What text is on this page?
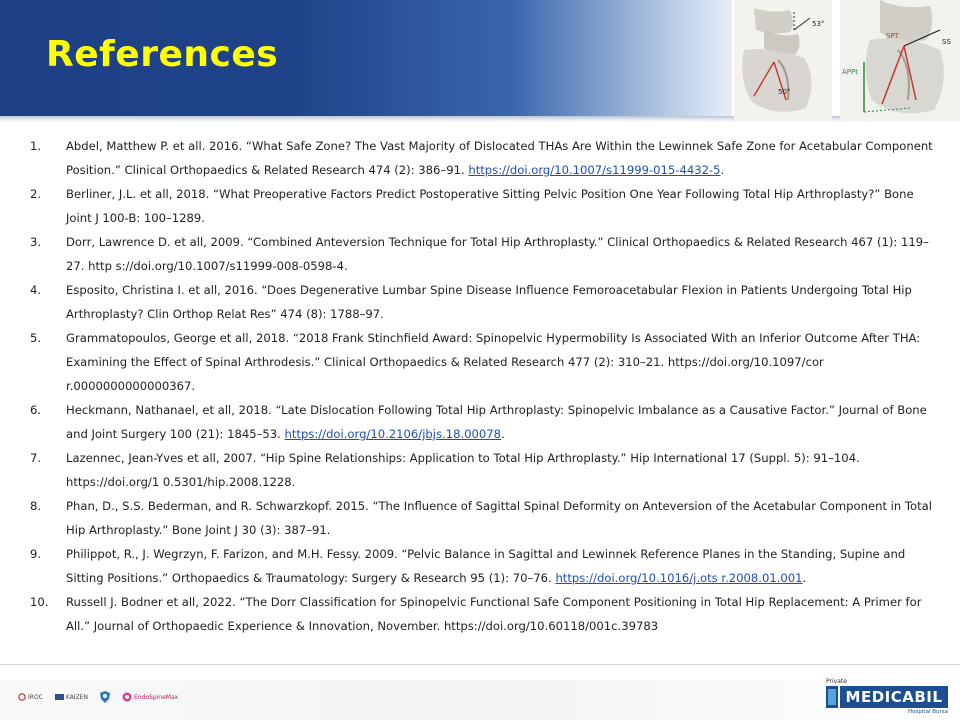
References
53°
50°
SPT
SS
APPt
1. Abdel, Matthew P. et all. 2016. “What Safe Zone? The Vast Majority of Dislocated THAs Are Within the Lewinnek Safe Zone for Acetabular Component Position.” Clinical Orthopaedics & Related Research 474 (2): 386–91. https://doi.org/10.1007/s11999-015-4432-5.
2. Berliner, J.L. et all, 2018. “What Preoperative Factors Predict Postoperative Sitting Pelvic Position One Year Following Total Hip Arthroplasty?” Bone Joint J 100-B: 100–1289.
3. Dorr, Lawrence D. et all, 2009. “Combined Anteversion Technique for Total Hip Arthroplasty.” Clinical Orthopaedics & Related Research 467 (1): 119–27. http s://doi.org/10.1007/s11999-008-0598-4.
4. Esposito, Christina I. et all, 2016. “Does Degenerative Lumbar Spine Disease Influence Femoroacetabular Flexion in Patients Undergoing Total Hip Arthroplasty? Clin Orthop Relat Res” 474 (8): 1788–97.
5. Grammatopoulos, George et all, 2018. “2018 Frank Stinchfield Award: Spinopelvic Hypermobility Is Associated With an Inferior Outcome After THA: Examining the Effect of Spinal Arthrodesis.” Clinical Orthopaedics & Related Research 477 (2): 310–21. https://doi.org/10.1097/cor r.0000000000000367.
6. Heckmann, Nathanael, et all, 2018. “Late Dislocation Following Total Hip Arthroplasty: Spinopelvic Imbalance as a Causative Factor.” Journal of Bone and Joint Surgery 100 (21): 1845–53. https://doi.org/10.2106/jbjs.18.00078.
7. Lazennec, Jean-Yves et all, 2007. “Hip Spine Relationships: Application to Total Hip Arthroplasty.” Hip International 17 (Suppl. 5): 91–104. https://doi.org/1 0.5301/hip.2008.1228.
8. Phan, D., S.S. Bederman, and R. Schwarzkopf. 2015. “The Influence of Sagittal Spinal Deformity on Anteversion of the Acetabular Component in Total Hip Arthroplasty.” Bone Joint J 30 (3): 387–91.
9. Philippot, R., J. Wegrzyn, F. Farizon, and M.H. Fessy. 2009. “Pelvic Balance in Sagittal and Lewinnek Reference Planes in the Standing, Supine and Sitting Positions.” Orthopaedics & Traumatology: Surgery & Research 95 (1): 70–76. https://doi.org/10.1016/j.ots r.2008.01.001.
10. Russell J. Bodner et all, 2022. “The Dorr Classification for Spinopelvic Functional Safe Component Positioning in Total Hip Replacement: A Primer for All.” Journal of Orthopaedic Experience & Innovation, November. https://doi.org/10.60118/001c.39783
IROC	KAIZEN	EndoSpineMax
Private
MEDICABIL
Hospital Bursa
